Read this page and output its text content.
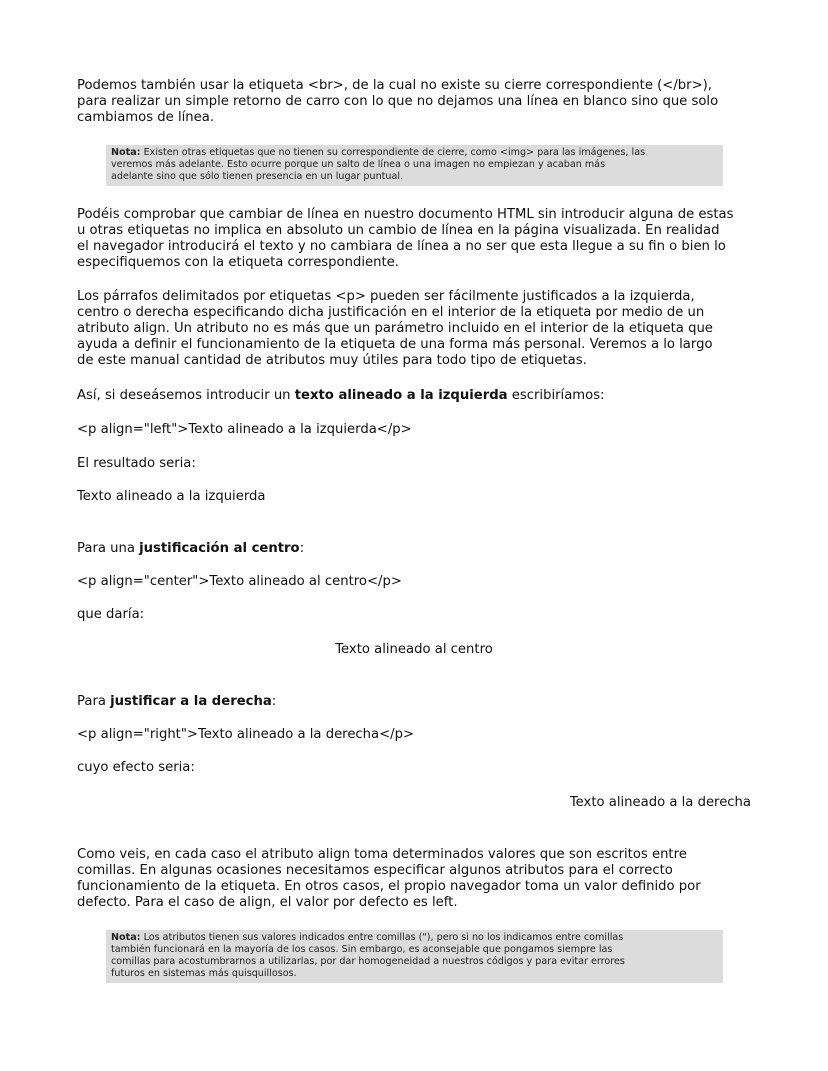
Podemos también usar la etiqueta <br>, de la cual no existe su cierre correspondiente (</br>),
para realizar un simple retorno de carro con lo que no dejamos una línea en blanco sino que solo
cambiamos de línea.
Nota: Existen otras etiquetas que no tienen su correspondiente de cierre, como <img> para las imágenes, las
veremos más adelante. Esto ocurre porque un salto de línea o una imagen no empiezan y acaban más
adelante sino que sólo tienen presencia en un lugar puntual.
Podéis comprobar que cambiar de línea en nuestro documento HTML sin introducir alguna de estas
u otras etiquetas no implica en absoluto un cambio de línea en la página visualizada. En realidad
el navegador introducirá el texto y no cambiara de línea a no ser que esta llegue a su fin o bien lo
especifiquemos con la etiqueta correspondiente.
Los párrafos delimitados por etiquetas <p> pueden ser fácilmente justificados a la izquierda,
centro o derecha especificando dicha justificación en el interior de la etiqueta por medio de un
atributo align. Un atributo no es más que un parámetro incluido en el interior de la etiqueta que
ayuda a definir el funcionamiento de la etiqueta de una forma más personal. Veremos a lo largo
de este manual cantidad de atributos muy útiles para todo tipo de etiquetas.
Así, si deseásemos introducir un texto alineado a la izquierda escribiríamos:
<p align="left">Texto alineado a la izquierda</p>
El resultado seria:
Texto alineado a la izquierda
Para una justificación al centro:
<p align="center">Texto alineado al centro</p>
que daría:
Texto alineado al centro
Para justificar a la derecha:
<p align="right">Texto alineado a la derecha</p>
cuyo efecto seria:
Texto alineado a la derecha
Como veis, en cada caso el atributo align toma determinados valores que son escritos entre
comillas. En algunas ocasiones necesitamos especificar algunos atributos para el correcto
funcionamiento de la etiqueta. En otros casos, el propio navegador toma un valor definido por
defecto. Para el caso de align, el valor por defecto es left.
Nota: Los atributos tienen sus valores indicados entre comillas ("), pero si no los indicamos entre comillas
también funcionará en la mayoría de los casos. Sin embargo, es aconsejable que pongamos siempre las
comillas para acostumbrarnos a utilizarlas, por dar homogeneidad a nuestros códigos y para evitar errores
futuros en sistemas más quisquillosos.
